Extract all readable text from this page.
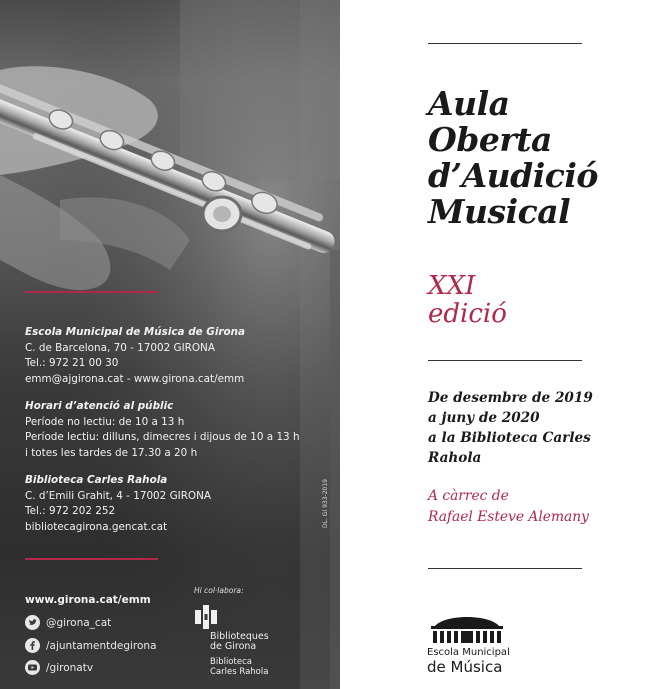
Escola Municipal de Música de Girona
C. de Barcelona, 70 - 17002 GIRONA
Tel.: 972 21 00 30
emm@ajgirona.cat - www.girona.cat/emm
Horari d’atenció al públic
Període no lectiu: de 10 a 13 h
Període lectiu: dilluns, dimecres i dijous de 10 a 13 h
i totes les tardes de 17.30 a 20 h
Biblioteca Carles Rahola
C. d’Emili Grahit, 4 - 17002 GIRONA
Tel.: 972 202 252
bibliotecagirona.gencat.cat
www.girona.cat/emm
@girona_cat
/ajuntamentdegirona
/gironatv
Hi col·labora:
Biblioteques
de Girona
Biblioteca
Carles Rahola
Aula
Oberta
d’Audició
Musical
XXI
edició
De desembre de 2019
a juny de 2020
a la Biblioteca Carles
Rahola
A càrrec de
Rafael Esteve Alemany
Escola Municipal
de Música
